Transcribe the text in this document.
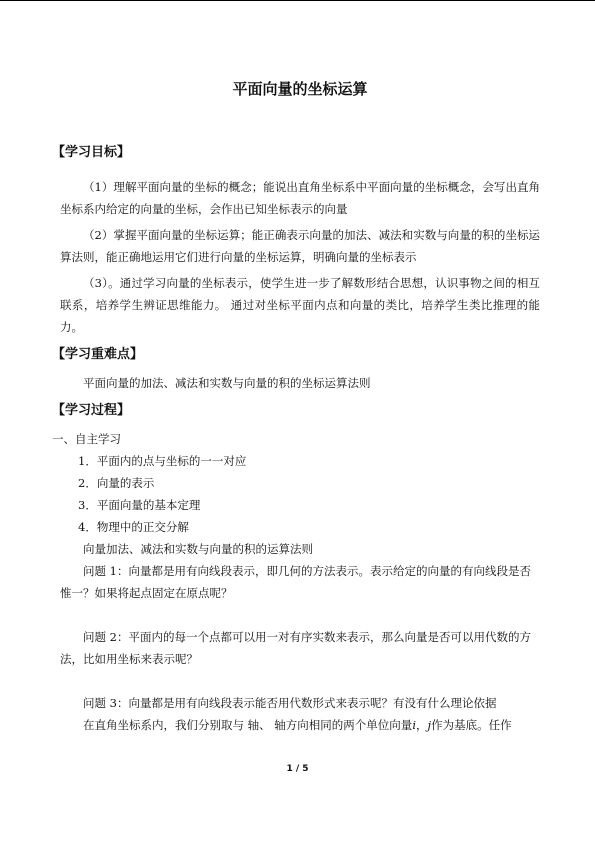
平面向量的坐标运算
【学习目标】

（1）理解平面向量的坐标的概念；能说出直角坐标系中平面向量的坐标概念，会写出直角坐标系内给定的向量的坐标，会作出已知坐标表示的向量

（2）掌握平面向量的坐标运算；能正确表示向量的加法、减法和实数与向量的积的坐标运算法则，能正确地运用它们进行向量的坐标运算，明确向量的坐标表示

（3）。通过学习向量的坐标表示，使学生进一步了解数形结合思想，认识事物之间的相互联系，培养学生辨证思维能力。 通过对坐标平面内点和向量的类比，培养学生类比推理的能力。

【学习重难点】

平面向量的加法、减法和实数与向量的积的坐标运算法则

【学习过程】

一、自主学习

1．平面内的点与坐标的一一对应

2．向量的表示

3．平面向量的基本定理

4．物理中的正交分解

向量加法、减法和实数与向量的积的运算法则

问题 1：向量都是用有向线段表示，即几何的方法表示。表示给定的向量的有向线段是否惟一？如果将起点固定在原点呢？

问题 2：平面内的每一个点都可以用一对有序实数来表示，那么向量是否可以用代数的方法，比如用坐标来表示呢？

问题 3：向量都是用有向线段表示能否用代数形式来表示呢？有没有什么理论依据

在直角坐标系内，我们分别取与 轴、 轴方向相同的两个单位向量i，j作为基底。任作

1 / 5
